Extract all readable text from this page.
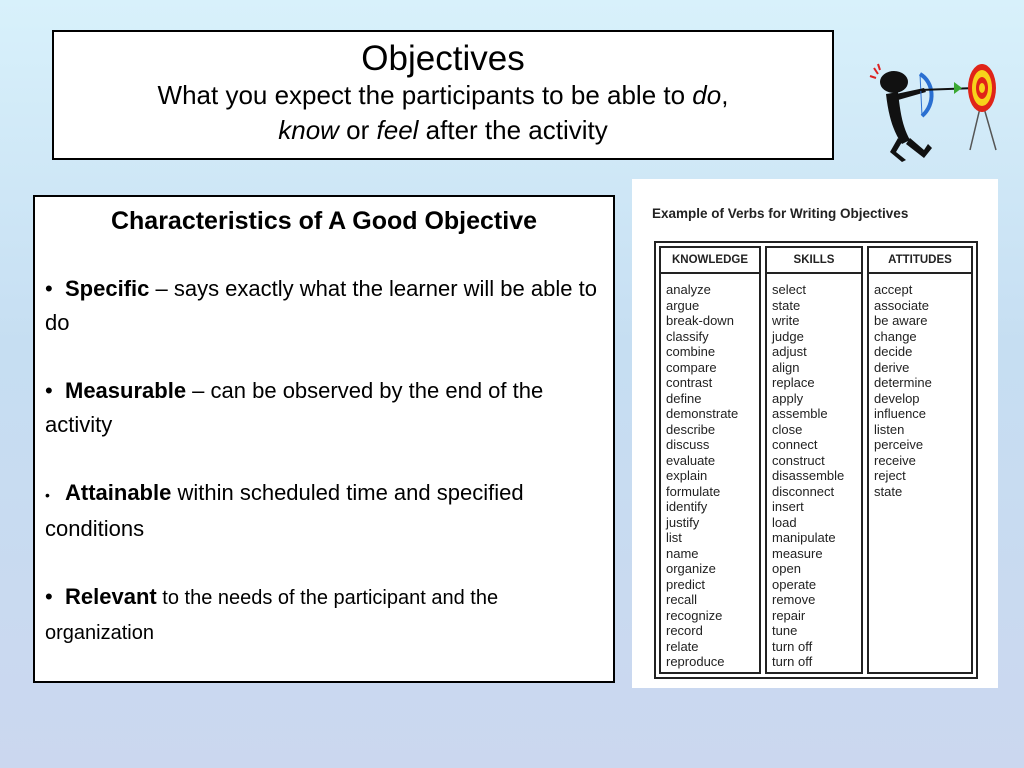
Objectives
What you expect the participants to be able to do,
know or feel after the activity
Characteristics of A Good Objective
• Specific – says exactly what the learner will be able to do
• Measurable – can be observed by the end of the activity
• Attainable within scheduled time and specified conditions
• Relevant to the needs of the participant and the organization
Example of Verbs for Writing Objectives
KNOWLEDGE
analyze
argue
break-down
classify
combine
compare
contrast
define
demonstrate
describe
discuss
evaluate
explain
formulate
identify
justify
list
name
organize
predict
recall
recognize
record
relate
reproduce
SKILLS
select
state
write
judge
adjust
align
replace
apply
assemble
close
connect
construct
disassemble
disconnect
insert
load
manipulate
measure
open
operate
remove
repair
tune
turn off
turn off
ATTITUDES
accept
associate
be aware
change
decide
derive
determine
develop
influence
listen
perceive
receive
reject
state
